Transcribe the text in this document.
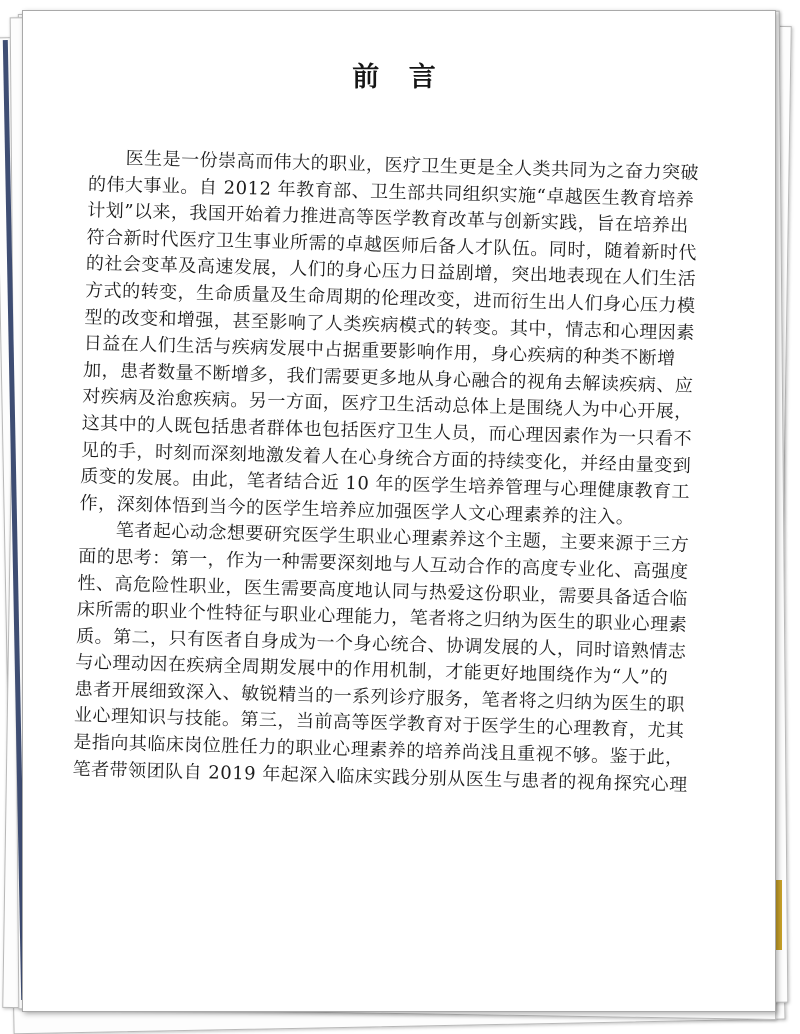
前 言
医生是一份崇高而伟大的职业，医疗卫生更是全人类共同为之奋力突破
的伟大事业。自 2012 年教育部、卫生部共同组织实施“卓越医生教育培养
计划”以来，我国开始着力推进高等医学教育改革与创新实践，旨在培养出
符合新时代医疗卫生事业所需的卓越医师后备人才队伍。同时，随着新时代
的社会变革及高速发展，人们的身心压力日益剧增，突出地表现在人们生活
方式的转变，生命质量及生命周期的伦理改变，进而衍生出人们身心压力模
型的改变和增强，甚至影响了人类疾病模式的转变。其中，情志和心理因素
日益在人们生活与疾病发展中占据重要影响作用，身心疾病的种类不断增
加，患者数量不断增多，我们需要更多地从身心融合的视角去解读疾病、应
对疾病及治愈疾病。另一方面，医疗卫生活动总体上是围绕人为中心开展，
这其中的人既包括患者群体也包括医疗卫生人员，而心理因素作为一只看不
见的手，时刻而深刻地激发着人在心身统合方面的持续变化，并经由量变到
质变的发展。由此，笔者结合近 10 年的医学生培养管理与心理健康教育工
作，深刻体悟到当今的医学生培养应加强医学人文心理素养的注入。
笔者起心动念想要研究医学生职业心理素养这个主题，主要来源于三方
面的思考：第一，作为一种需要深刻地与人互动合作的高度专业化、高强度
性、高危险性职业，医生需要高度地认同与热爱这份职业，需要具备适合临
床所需的职业个性特征与职业心理能力，笔者将之归纳为医生的职业心理素
质。第二，只有医者自身成为一个身心统合、协调发展的人，同时谙熟情志
与心理动因在疾病全周期发展中的作用机制，才能更好地围绕作为“人”的
患者开展细致深入、敏锐精当的一系列诊疗服务，笔者将之归纳为医生的职
业心理知识与技能。第三，当前高等医学教育对于医学生的心理教育，尤其
是指向其临床岗位胜任力的职业心理素养的培养尚浅且重视不够。鉴于此，
笔者带领团队自 2019 年起深入临床实践分别从医生与患者的视角探究心理
